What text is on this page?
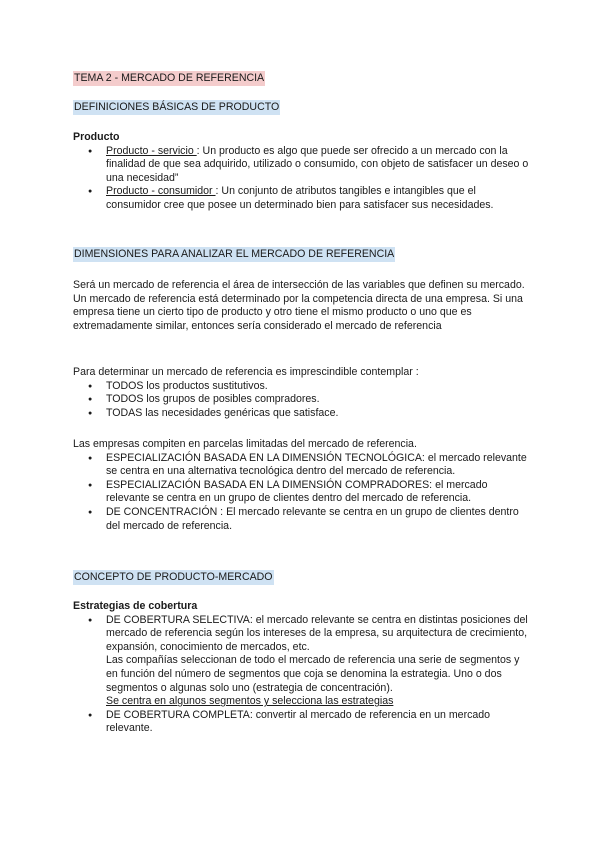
TEMA 2 - MERCADO DE REFERENCIA
DEFINICIONES BÁSICAS DE PRODUCTO

Producto

● Producto - servicio : Un producto es algo que puede ser ofrecido a un mercado con la finalidad de que sea adquirido, utilizado o consumido, con objeto de satisfacer un deseo o una necesidad”
● Producto - consumidor : Un conjunto de atributos tangibles e intangibles que el consumidor cree que posee un determinado bien para satisfacer sus necesidades.
DIMENSIONES PARA ANALIZAR EL MERCADO DE REFERENCIA

Será un mercado de referencia el área de intersección de las variables que definen su mercado.

Un mercado de referencia está determinado por la competencia directa de una empresa. Si una empresa tiene un cierto tipo de producto y otro tiene el mismo producto o uno que es extremadamente similar, entonces sería considerado el mercado de referencia

Para determinar un mercado de referencia es imprescindible contemplar :

● TODOS los productos sustitutivos.
● TODOS los grupos de posibles compradores.
● TODAS las necesidades genéricas que satisface.

Las empresas compiten en parcelas limitadas del mercado de referencia.

● ESPECIALIZACIÓN BASADA EN LA DIMENSIÓN TECNOLÓGICA: el mercado relevante se centra en una alternativa tecnológica dentro del mercado de referencia.
● ESPECIALIZACIÓN BASADA EN LA DIMENSIÓN COMPRADORES: el mercado relevante se centra en un grupo de clientes dentro del mercado de referencia.
● DE CONCENTRACIÓN : El mercado relevante se centra en un grupo de clientes dentro del mercado de referencia.
CONCEPTO DE PRODUCTO-MERCADO

Estrategias de cobertura

● DE COBERTURA SELECTIVA: el mercado relevante se centra en distintas posiciones del mercado de referencia según los intereses de la empresa, su arquitectura de crecimiento, expansión, conocimiento de mercados, etc.

Las compañías seleccionan de todo el mercado de referencia una serie de segmentos y en función del número de segmentos que coja se denomina la estrategia. Uno o dos segmentos o algunas solo uno (estrategia de concentración).

Se centra en algunos segmentos y selecciona las estrategias

● DE COBERTURA COMPLETA: convertir al mercado de referencia en un mercado relevante.
